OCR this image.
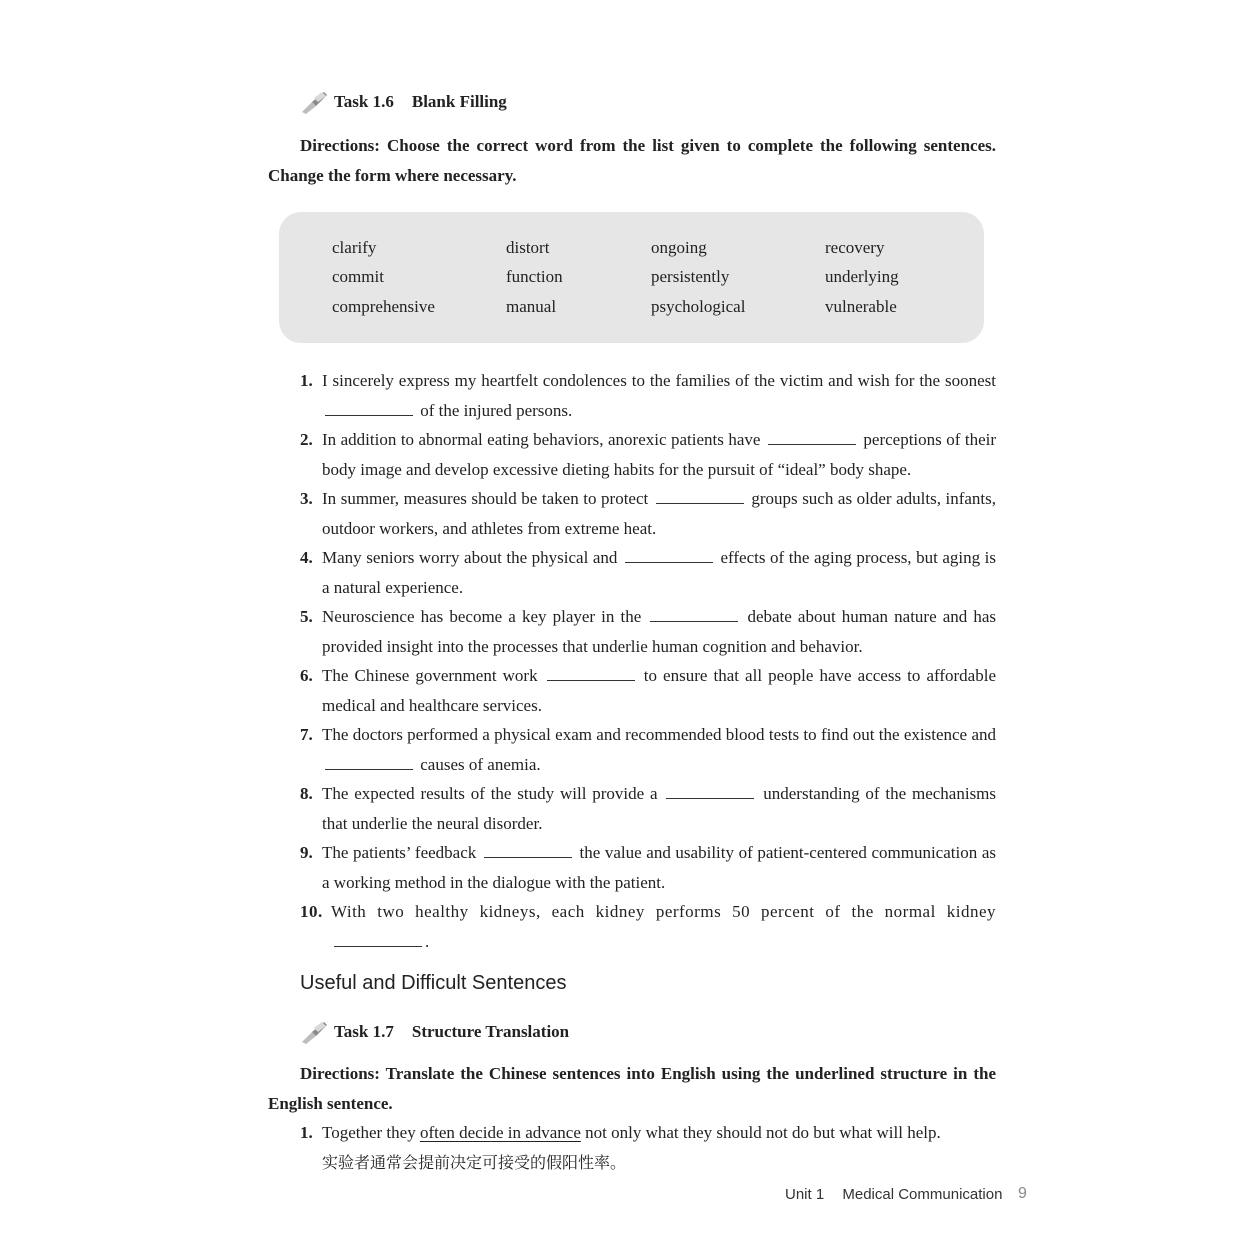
Task 1.6 Blank Filling
Directions: Choose the correct word from the list given to complete the following sentences. Change the form where necessary.
clarify	distort	ongoing	recovery
commit	function	persistently	underlying
comprehensive	manual	psychological	vulnerable
1. I sincerely express my heartfelt condolences to the families of the victim and wish for the soonest  of the injured persons.
2. In addition to abnormal eating behaviors, anorexic patients have	perceptions of their body image and develop excessive dieting habits for the pursuit of “ideal” body shape.
3. In summer, measures should be taken to protect	groups such as older adults, infants, outdoor workers, and athletes from extreme heat.
4. Many seniors worry about the physical and	effects of the aging process, but aging is a natural experience.
5. Neuroscience has become a key player in the	debate about human nature and has provided insight into the processes that underlie human cognition and behavior.
6. The Chinese government work	to ensure that all people have access to affordable medical and healthcare services.
7. The doctors performed a physical exam and recommended blood tests to find out the existence and  causes of anemia.
8. The expected results of the study will provide a	understanding of the mechanisms that underlie the neural disorder.
9. The patients’ feedback	the value and usability of patient-centered communication as a working method in the dialogue with the patient.
10. With two healthy kidneys, each kidney performs 50 percent of the normal kidney .
Useful and Difficult Sentences
Task 1.7 Structure Translation
Directions: Translate the Chinese sentences into English using the underlined structure in the English sentence.
1. Together they often decide in advance not only what they should not do but what will help.
实验者通常会提前决定可接受的假阳性率。
Unit 1 Medical Communication 9
